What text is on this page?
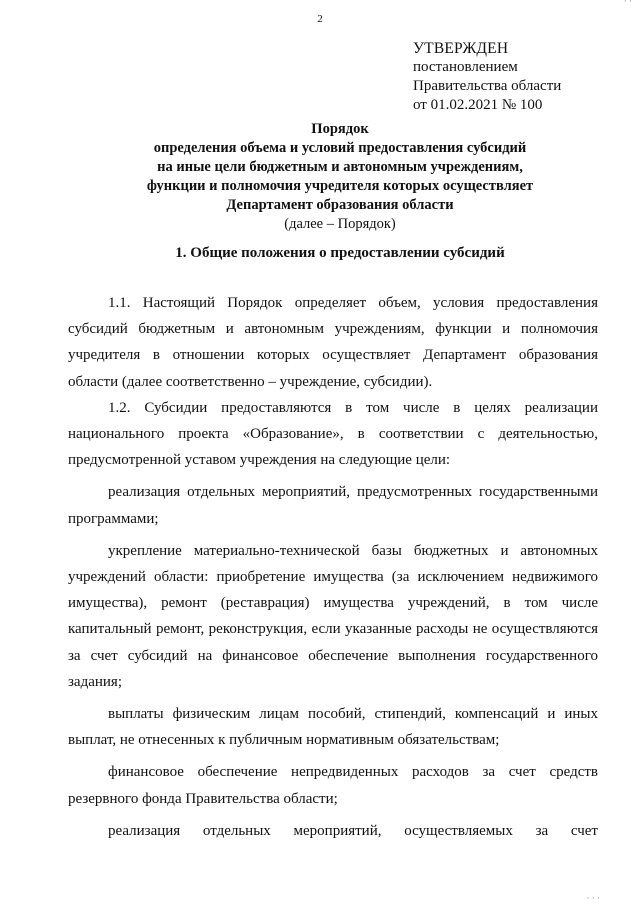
2
· ·
· · ·
УТВЕРЖДЕН
постановлением
Правительства области
от 01.02.2021 № 100
Порядок
определения объема и условий предоставления субсидий
на иные цели бюджетным и автономным учреждениям,
функции и полномочия учредителя которых осуществляет
Департамент образования области
(далее – Порядок)
1. Общие положения о предоставлении субсидий

1.1. Настоящий Порядок определяет объем, условия предоставления субсидий бюджетным и автономным учреждениям, функции и полномочия учредителя в отношении которых осуществляет Департамент образования области (далее соответственно – учреждение, субсидии).

1.2. Субсидии предоставляются в том числе в целях реализации национального проекта «Образование», в соответствии с деятельностью, предусмотренной уставом учреждения на следующие цели:

реализация отдельных мероприятий, предусмотренных государственными программами;

укрепление материально-технической базы бюджетных и автономных учреждений области: приобретение имущества (за исключением недвижимого имущества), ремонт (реставрация) имущества учреждений, в том числе капитальный ремонт, реконструкция, если указанные расходы не осуществляются за счет субсидий на финансовое обеспечение выполнения государственного задания;

выплаты физическим лицам пособий, стипендий, компенсаций и иных выплат, не отнесенных к публичным нормативным обязательствам;

финансовое обеспечение непредвиденных расходов за счет средств резервного фонда Правительства области;

реализация отдельных мероприятий, осуществляемых за счет
